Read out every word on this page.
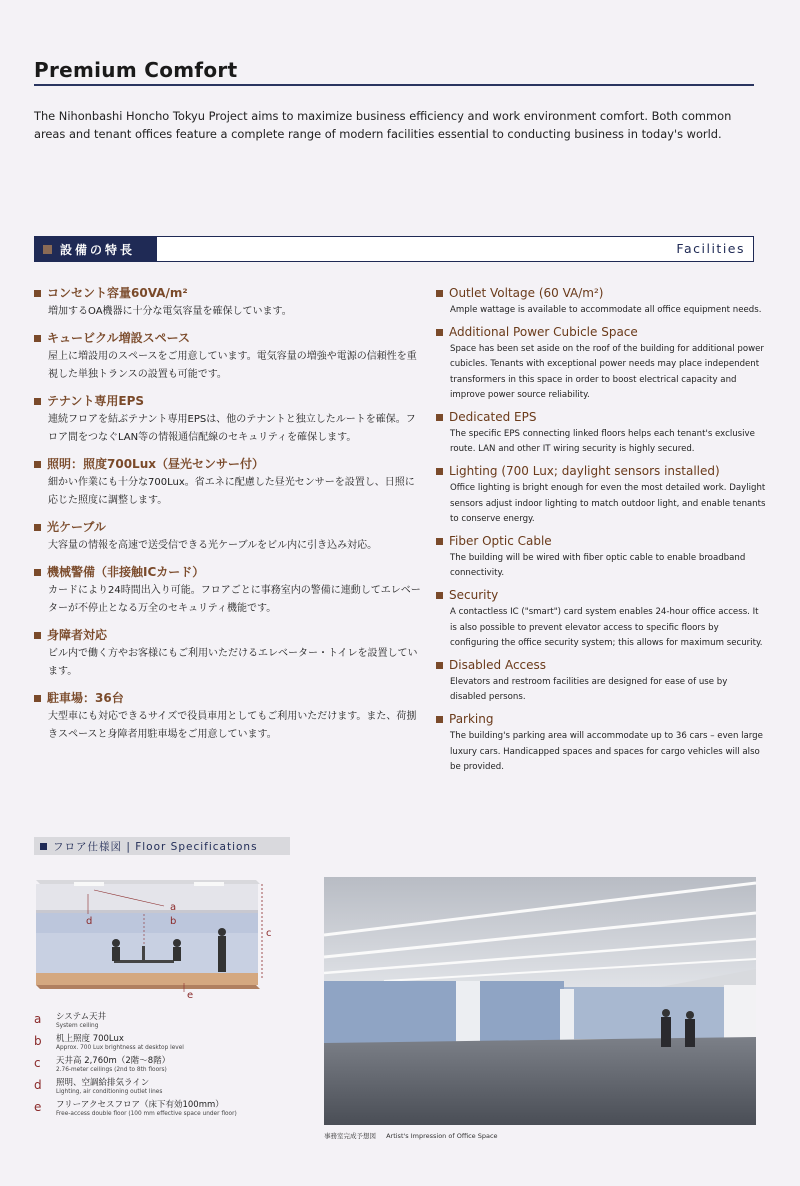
Premium Comfort
The Nihonbashi Honcho Tokyu Project aims to maximize business efficiency and work environment comfort. Both common areas and tenant offices feature a complete range of modern facilities essential to conducting business in today's world.
設備の特長	Facilities
コンセント容量60VA/m²
増加するOA機器に十分な電気容量を確保しています。
キュービクル増設スペース
屋上に増設用のスペースをご用意しています。電気容量の増強や電源の信頼性を重視した単独トランスの設置も可能です。
テナント専用EPS
連続フロアを結ぶテナント専用EPSは、他のテナントと独立したルートを確保。フロア間をつなぐLAN等の情報通信配線のセキュリティを確保します。
照明：照度700Lux（昼光センサー付）
細かい作業にも十分な700Lux。省エネに配慮した昼光センサーを設置し、日照に応じた照度に調整します。
光ケーブル
大容量の情報を高速で送受信できる光ケーブルをビル内に引き込み対応。
機械警備（非接触ICカード）
カードにより24時間出入り可能。フロアごとに事務室内の警備に連動してエレベーターが不停止となる万全のセキュリティ機能です。
身障者対応
ビル内で働く方やお客様にもご利用いただけるエレベーター・トイレを設置しています。
駐車場：36台
大型車にも対応できるサイズで役員車用としてもご利用いただけます。また、荷捌きスペースと身障者用駐車場をご用意しています。
Outlet Voltage (60 VA/m²)
Ample wattage is available to accommodate all office equipment needs.
Additional Power Cubicle Space
Space has been set aside on the roof of the building for additional power cubicles. Tenants with exceptional power needs may place independent transformers in this space in order to boost electrical capacity and improve power source reliability.
Dedicated EPS
The specific EPS connecting linked floors helps each tenant's exclusive route. LAN and other IT wiring security is highly secured.
Lighting (700 Lux; daylight sensors installed)
Office lighting is bright enough for even the most detailed work. Daylight sensors adjust indoor lighting to match outdoor light, and enable tenants to conserve energy.
Fiber Optic Cable
The building will be wired with fiber optic cable to enable broadband connectivity.
Security
A contactless IC ("smart") card system enables 24-hour office access. It is also possible to prevent elevator access to specific floors by configuring the office security system; this allows for maximum security.
Disabled Access
Elevators and restroom facilities are designed for ease of use by disabled persons.
Parking
The building's parking area will accommodate up to 36 cars – even large luxury cars. Handicapped spaces and spaces for cargo vehicles will also be provided.
フロア仕様図 | Floor Specifications
a
b
c
d
e
a	システム天井
System ceiling
b	机上照度 700Lux
Approx. 700 Lux brightness at desktop level
c	天井高 2,760m（2階～8階）
2.76-meter ceilings (2nd to 8th floors)
d	照明、空調給排気ライン
Lighting, air conditioning outlet lines
e	フリーアクセスフロア（床下有効100mm）
Free-access double floor (100 mm effective space under floor)
事務室完成予想図 Artist's Impression of Office Space
